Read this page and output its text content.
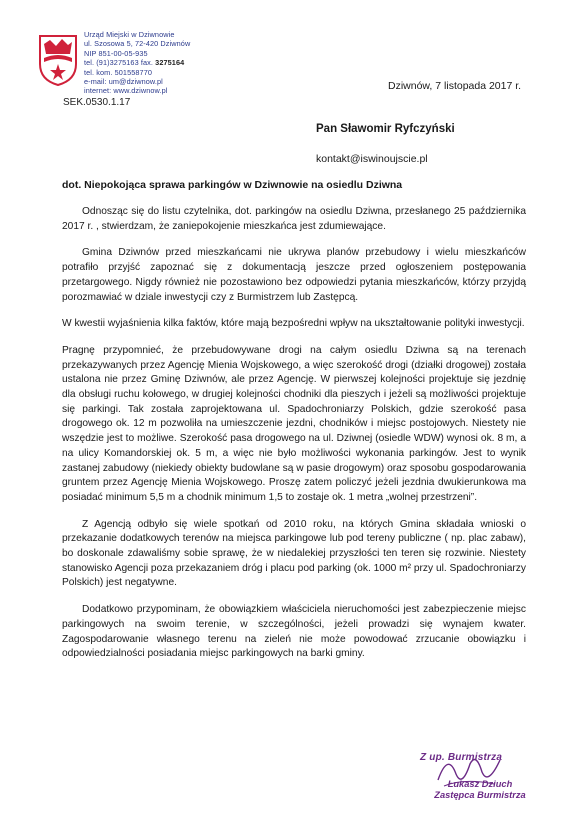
Urząd Miejski w Dziwnowie
ul. Szosowa 5, 72-420 Dziwnów
NIP 851-00-05-935
tel. (91)3275163 fax. 3275164
tel. kom. 501558770
e-mail: um@dziwnow.pl
internet: www.dziwnow.pl
SEK.0530.1.17
Dziwnów, 7 listopada 2017 r.
Pan Sławomir Ryfczyński
kontakt@iswinoujscie.pl
dot. Niepokojąca sprawa parkingów w Dziwnowie na osiedlu Dziwna

Odnosząc się do listu czytelnika, dot. parkingów na osiedlu Dziwna, przesłanego 25 października 2017 r. , stwierdzam, że zaniepokojenie mieszkańca jest zdumiewające.

Gmina Dziwnów przed mieszkańcami nie ukrywa planów przebudowy i wielu mieszkańców potrafiło przyjść zapoznać się z dokumentacją jeszcze przed ogłoszeniem postępowania przetargowego. Nigdy również nie pozostawiono bez odpowiedzi pytania mieszkańców, którzy przyjdą porozmawiać w dziale inwestycji czy z Burmistrzem lub Zastępcą.

W kwestii wyjaśnienia kilka faktów, które mają bezpośredni wpływ na ukształtowanie polityki inwestycji.

Pragnę przypomnieć, że przebudowywane drogi na całym osiedlu Dziwna są na terenach przekazywanych przez Agencję Mienia Wojskowego, a więc szerokość drogi (działki drogowej) została ustalona nie przez Gminę Dziwnów, ale przez Agencję. W pierwszej kolejności projektuje się jezdnię dla obsługi ruchu kołowego, w drugiej kolejności chodniki dla pieszych i jeżeli są możliwości projektuje się parkingi. Tak została zaprojektowana ul. Spadochroniarzy Polskich, gdzie szerokość pasa drogowego ok. 12 m pozwoliła na umieszczenie jezdni, chodników i miejsc postojowych. Niestety nie wszędzie jest to możliwe. Szerokość pasa drogowego na ul. Dziwnej (osiedle WDW) wynosi ok. 8 m, a na ulicy Komandorskiej ok. 5 m, a więc nie było możliwości wykonania parkingów. Jest to wynik zastanej zabudowy (niekiedy obiekty budowlane są w pasie drogowym) oraz sposobu gospodarowania gruntem przez Agencję Mienia Wojskowego. Proszę zatem policzyć jeżeli jezdnia dwukierunkowa ma posiadać minimum 5,5 m a chodnik minimum 1,5 to zostaje ok. 1 metra „wolnej przestrzeni”.

Z Agencją odbyło się wiele spotkań od 2010 roku, na których Gmina składała wnioski o przekazanie dodatkowych terenów na miejsca parkingowe lub pod tereny publiczne ( np. plac zabaw), bo doskonale zdawaliśmy sobie sprawę, że w niedalekiej przyszłości ten teren się rozwinie. Niestety stanowisko Agencji poza przekazaniem dróg i placu pod parking (ok. 1000 m² przy ul. Spadochroniarzy Polskich) jest negatywne.

Dodatkowo przypominam, że obowiązkiem właściciela nieruchomości jest zabezpieczenie miejsc parkingowych na swoim terenie, w szczególności, jeżeli prowadzi się wynajem kwater. Zagospodarowanie własnego terenu na zieleń nie może powodować zrzucanie obowiązku i odpowiedzialności posiadania miejsc parkingowych na barki gminy.

Z up. Burmistrza
Łukasz Dziuch
Zastępca Burmistrza
